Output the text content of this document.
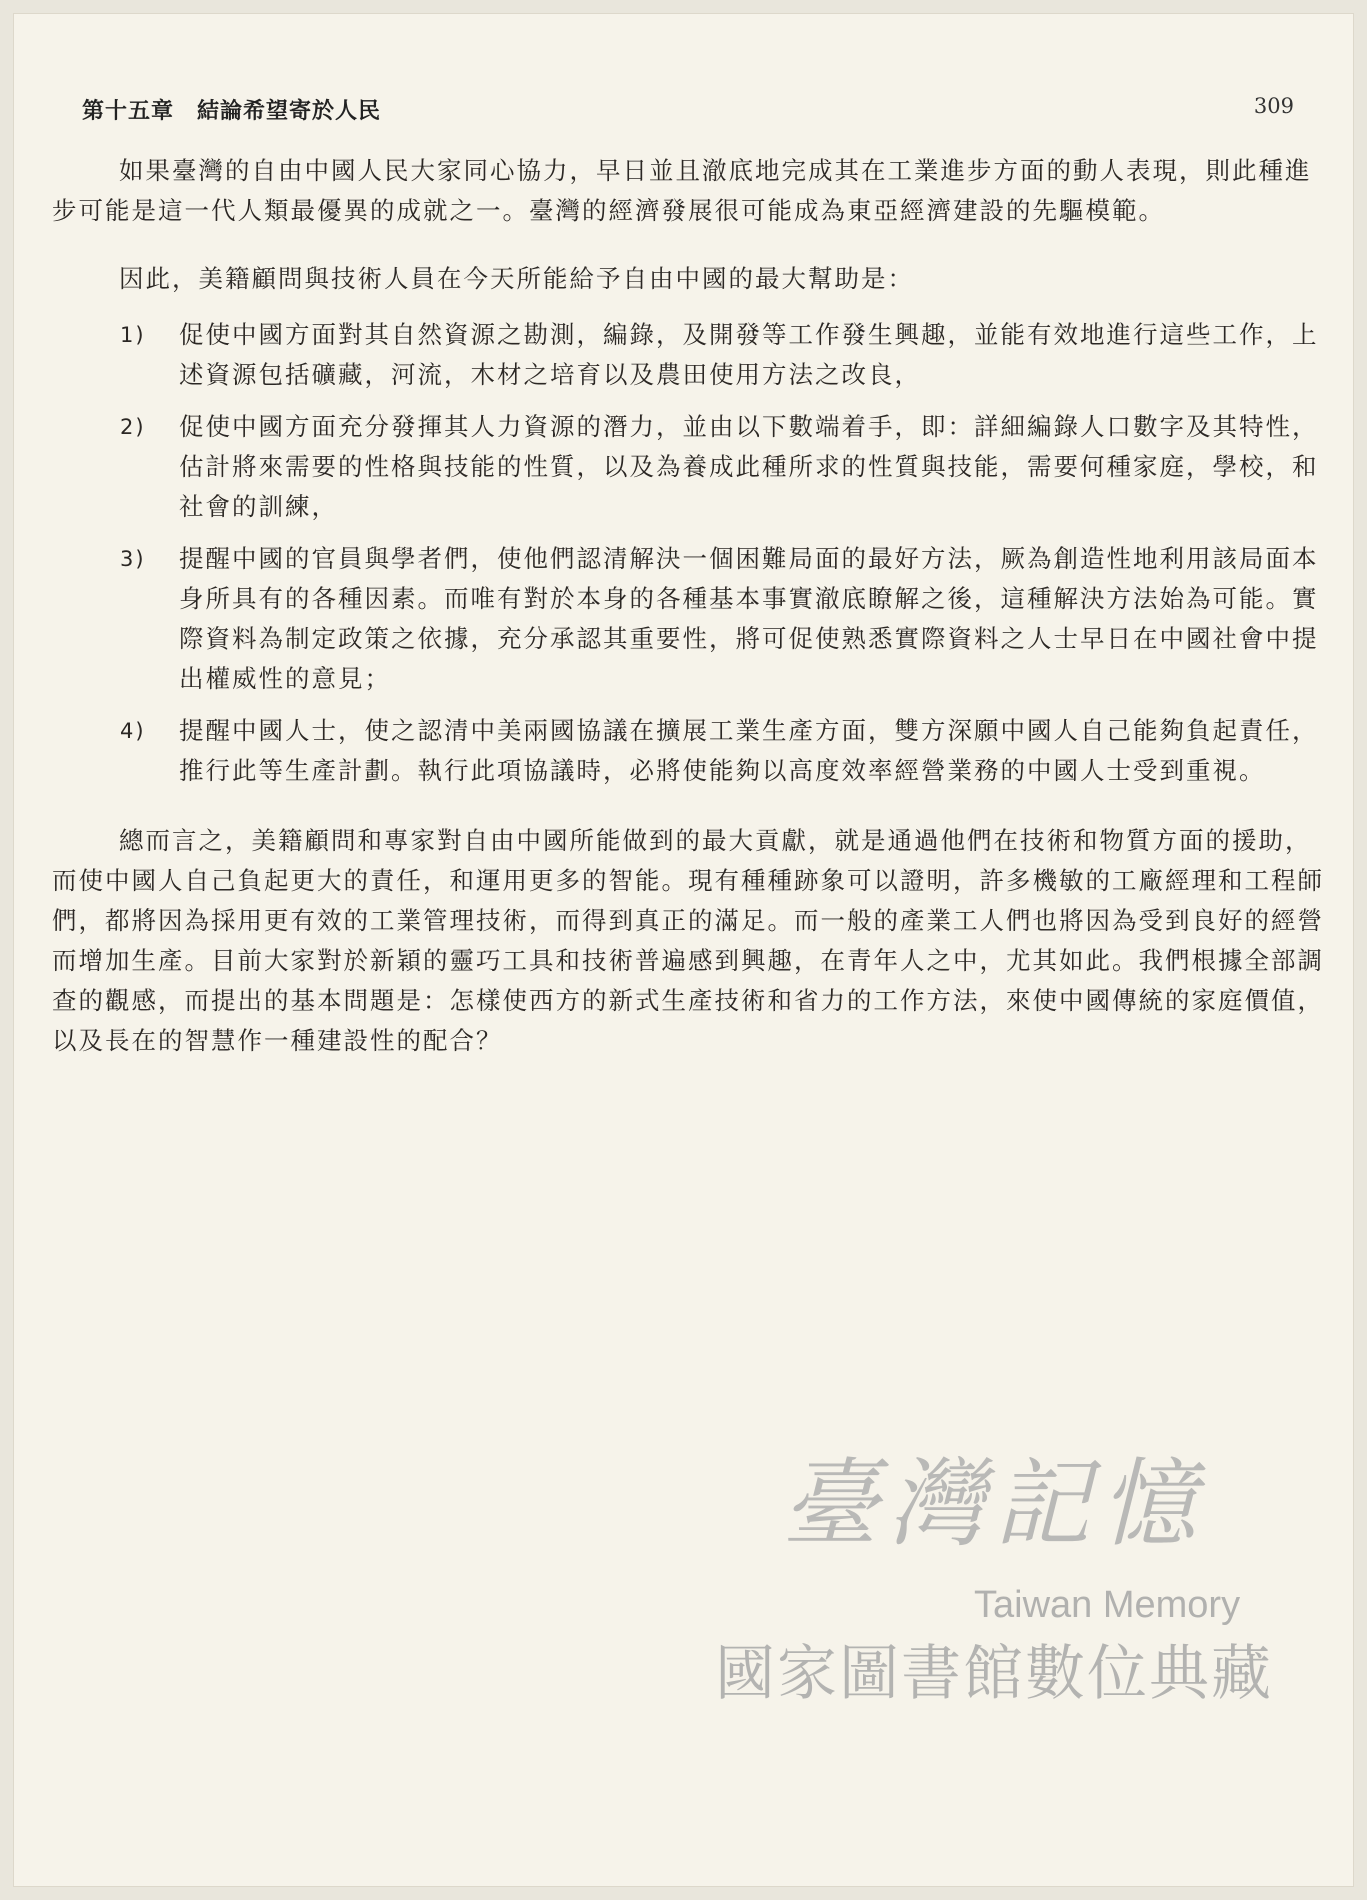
第十五章　結論希望寄於人民	309

如果臺灣的自由中國人民大家同心協力，早日並且澈底地完成其在工業進步方面的動人表現，則此種進步可能是這一代人類最優異的成就之一。臺灣的經濟發展很可能成為東亞經濟建設的先驅模範。

因此，美籍顧問與技術人員在今天所能給予自由中國的最大幫助是：

1) 促使中國方面對其自然資源之勘測，編錄，及開發等工作發生興趣，並能有效地進行這些工作，上述資源包括礦藏，河流，木材之培育以及農田使用方法之改良，
2) 促使中國方面充分發揮其人力資源的潛力，並由以下數端着手，即：詳細編錄人口數字及其特性，估計將來需要的性格與技能的性質，以及為養成此種所求的性質與技能，需要何種家庭，學校，和社會的訓練，
3) 提醒中國的官員與學者們，使他們認清解決一個困難局面的最好方法，厥為創造性地利用該局面本身所具有的各種因素。而唯有對於本身的各種基本事實澈底瞭解之後，這種解決方法始為可能。實際資料為制定政策之依據，充分承認其重要性，將可促使熟悉實際資料之人士早日在中國社會中提出權威性的意見；
4) 提醒中國人士，使之認清中美兩國協議在擴展工業生產方面，雙方深願中國人自己能夠負起責任，推行此等生產計劃。執行此項協議時，必將使能夠以高度效率經營業務的中國人士受到重視。

總而言之，美籍顧問和專家對自由中國所能做到的最大貢獻，就是通過他們在技術和物質方面的援助，而使中國人自己負起更大的責任，和運用更多的智能。現有種種跡象可以證明，許多機敏的工廠經理和工程師們，都將因為採用更有效的工業管理技術，而得到真正的滿足。而一般的產業工人們也將因為受到良好的經營而增加生產。目前大家對於新穎的靈巧工具和技術普遍感到興趣，在青年人之中，尤其如此。我們根據全部調查的觀感，而提出的基本問題是：怎樣使西方的新式生產技術和省力的工作方法，來使中國傳統的家庭價值，以及長在的智慧作一種建設性的配合？

臺灣記憶
Taiwan Memory
國家圖書館數位典藏
